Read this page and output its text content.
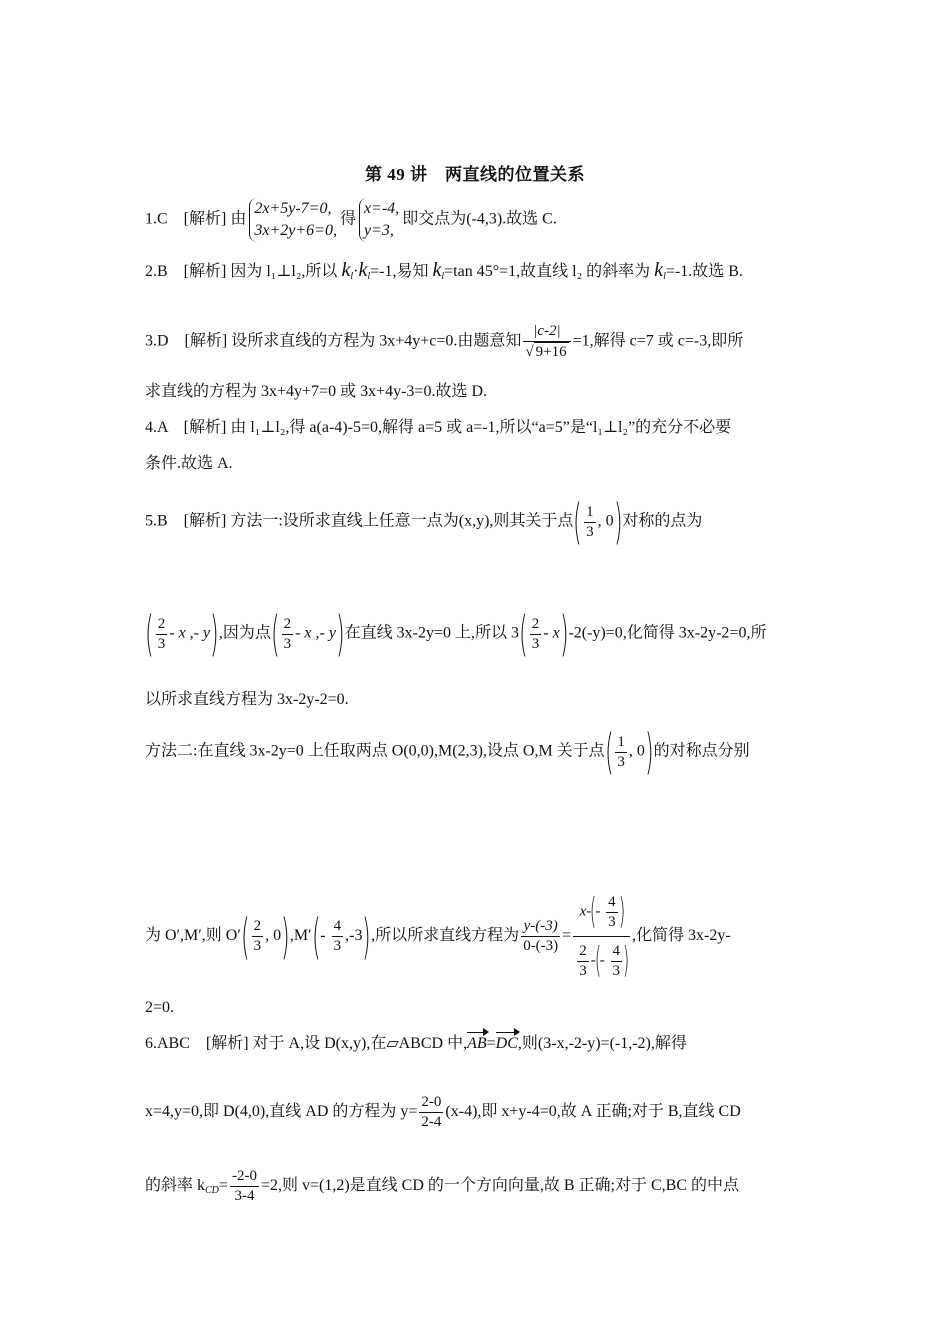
第 49 讲　两直线的位置关系
1.C　[解析] 由
2x+5y-7=0,
3x+2y+6=0,
得
x=-4,
y=3,
即交点为(-4,3).故选 C.
2.B　[解析] 因为 l₁⊥l₂,所以 $k_l\cdot k_l=-1$,易知 $k_l=\tan$ 45°=1,故直线 l₂ 的斜率为 $k_l=-1$.故选 B.
3.D　[解析] 设所求直线的方程为 3x+4y+c=0.由题意知 $\frac{|c-2|}{√ 9+16} =1$,解得 c=7 或 c=-3,即所
求直线的方程为 3x+4y+7=0 或 3x+4y-3=0.故选 D.
4.A　[解析] 由 l₁⊥l₂,得 a(a-4)-5=0,解得 a=5 或 a=-1,所以“a=5”是“l₁⊥l₂”的充分不必要
条件.故选 A.
5.B　[解析] 方法一:设所求直线上任意一点为(x,y),则其关于点( $\frac{1}{3}$ , 0)对称的点为
( $\frac{2}{3}$ - x ,- y),因为点( $\frac{2}{3}$ - x ,- y)在直线 3x-2y=0 上,所以 $3( \frac{2}{3} - x)-2(-y)=0$,化简得 3x-2y-2=0,所
以所求直线方程为 3x-2y-2=0.
方法二:在直线 3x-2y=0 上任取两点 O(0,0),M(2,3),设点 O,M 关于点( $\frac{1}{3}$ , 0)的对称点分别
为 O′,M′,则 $O'( \frac{2}{3}$ , $0),M'(- \frac{4}{3} ,-3)$,所以所求直线方程为 $\frac{y-(-3)}{0-(-3)} = \frac{x-(- \frac{4}{3} )}{\frac{2}{3} -(- \frac{4}{3} )}$ ,化简得 3x-2y-
2=0.
6.ABC　[解析] 对于 A,设 D(x,y),在▱ABCD 中,AB=DC,则(3-x,-2-y)=(-1,-2),解得
x=4,y=0,即 D(4,0),直线 AD 的方程为 $y= \frac{2-0}{2-4} (x-4)$,即 x+y-4=0,故 A 正确;对于 B,直线 CD
的斜率 $k_{CD}= \frac{-2-0}{3-4} =2$,则 v=(1,2)是直线 CD 的一个方向向量,故 B 正确;对于 C,BC 的中点
